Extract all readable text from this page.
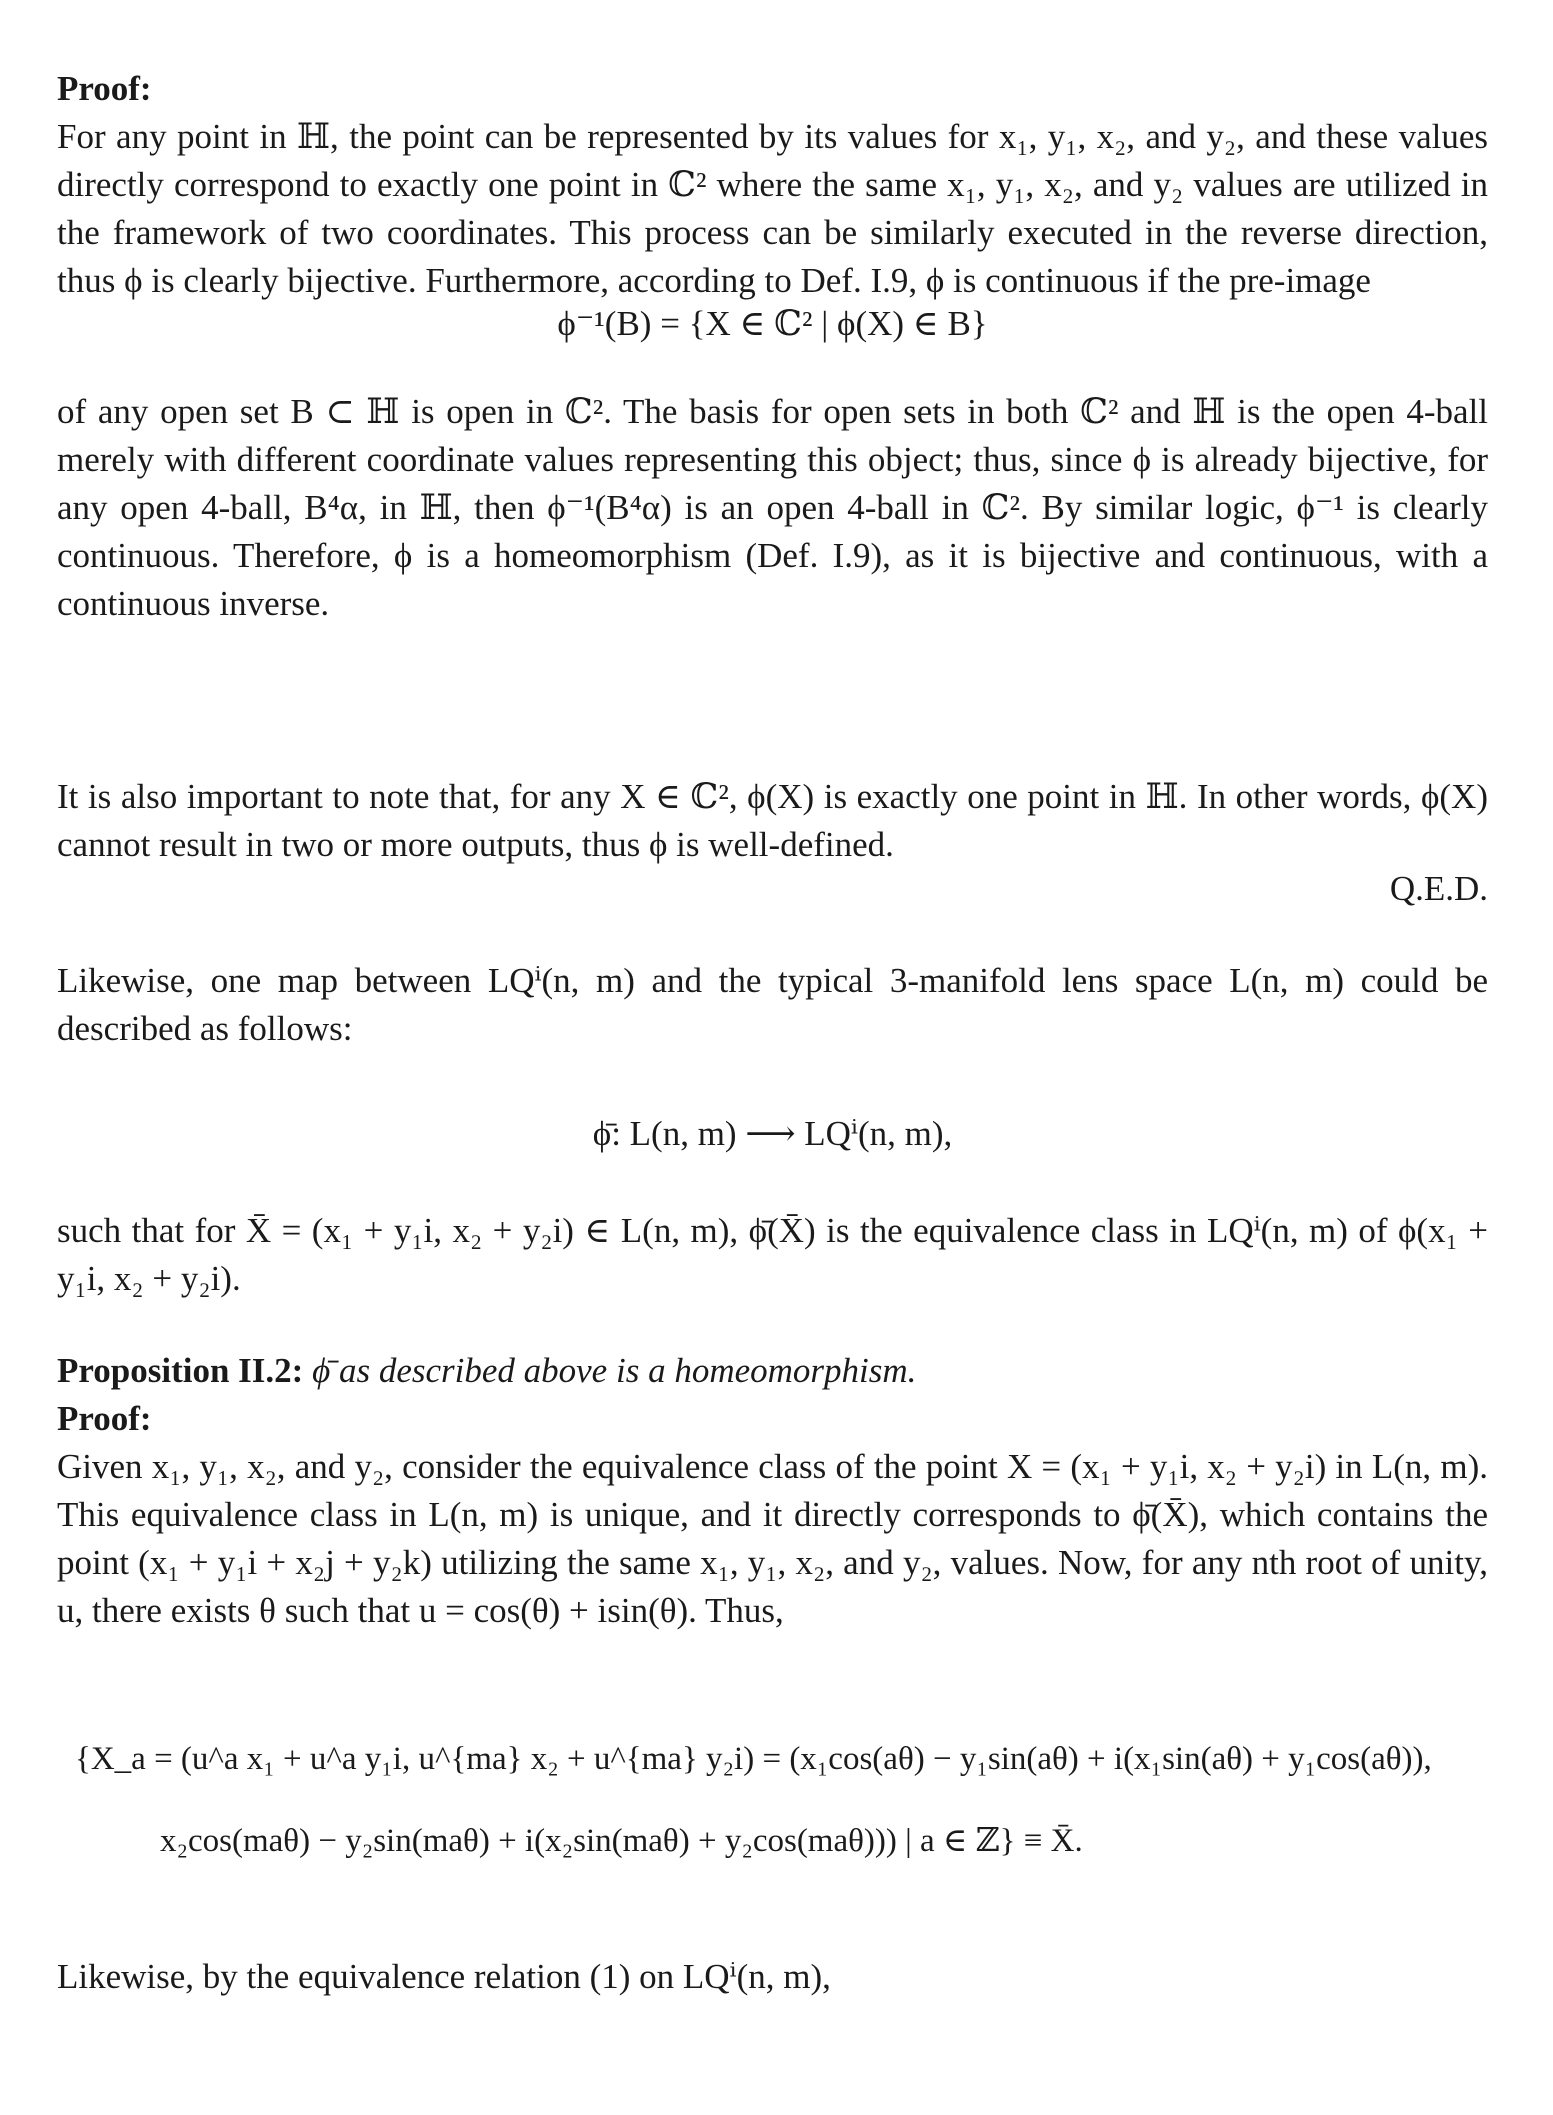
Proof:
For any point in ℍ, the point can be represented by its values for x₁, y₁, x₂, and y₂, and these values directly correspond to exactly one point in ℂ² where the same x₁, y₁, x₂, and y₂ values are utilized in the framework of two coordinates. This process can be similarly executed in the reverse direction, thus ϕ is clearly bijective. Furthermore, according to Def. I.9, ϕ is continuous if the pre-image
ϕ⁻¹(B) = {X ∈ ℂ² | ϕ(X) ∈ B}
of any open set B ⊂ ℍ is open in ℂ². The basis for open sets in both ℂ² and ℍ is the open 4-ball merely with different coordinate values representing this object; thus, since ϕ is already bijective, for any open 4-ball, B⁴α, in ℍ, then ϕ⁻¹(B⁴α) is an open 4-ball in ℂ². By similar logic, ϕ⁻¹ is clearly continuous. Therefore, ϕ is a homeomorphism (Def. I.9), as it is bijective and continuous, with a continuous inverse.
It is also important to note that, for any X ∈ ℂ², ϕ(X) is exactly one point in ℍ. In other words, ϕ(X) cannot result in two or more outputs, thus ϕ is well-defined.
Q.E.D.
Likewise, one map between LQⁱ(n, m) and the typical 3-manifold lens space L(n, m) could be described as follows:
ϕ̄: L(n, m) ⟶ LQⁱ(n, m),
such that for X̄ = (x₁ + y₁i, x₂ + y₂i) ∈ L(n, m), ϕ̄(X̄) is the equivalence class in LQⁱ(n, m) of ϕ(x₁ + y₁i, x₂ + y₂i).
Proposition II.2: ϕ̄ as described above is a homeomorphism.
Proof:
Given x₁, y₁, x₂, and y₂, consider the equivalence class of the point X = (x₁ + y₁i, x₂ + y₂i) in L(n, m). This equivalence class in L(n, m) is unique, and it directly corresponds to ϕ̄(X̄), which contains the point (x₁ + y₁i + x₂j + y₂k) utilizing the same x₁, y₁, x₂, and y₂, values. Now, for any nth root of unity, u, there exists θ such that u = cos(θ) + isin(θ). Thus,
{X_a = (u^a x₁ + u^a y₁i, u^{ma} x₂ + u^{ma} y₂i) = (x₁cos(aθ) − y₁sin(aθ) + i(x₁sin(aθ) + y₁cos(aθ)),
x₂cos(maθ) − y₂sin(maθ) + i(x₂sin(maθ) + y₂cos(maθ))) | a ∈ ℤ} ≡ X̄.
Likewise, by the equivalence relation (1) on LQⁱ(n, m),
